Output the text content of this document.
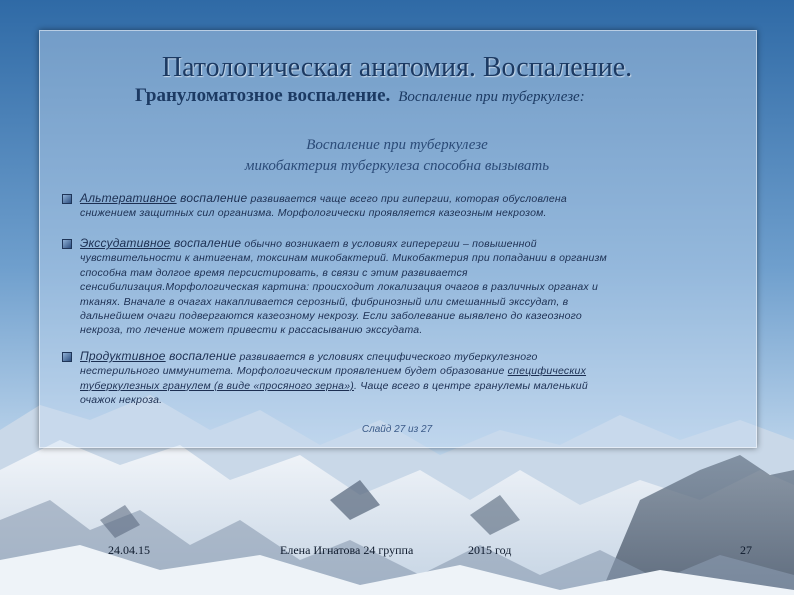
Патологическая анатомия. Воспаление.
Грануломатозное воспаление. Воспаление при туберкулезе:
Воспаление при туберкулезе
микобактерия туберкулеза способна вызывать
Альтеративное воспаление развивается чаще всего при гипергии, которая обусловлена
снижением защитных сил организма. Морфологически проявляется казеозным некрозом.
Экссудативное воспаление обычно возникает в условиях гиперергии – повышенной
чувствительности к антигенам, токсинам микобактерий. Микобактерия при попадании в организм
способна там долгое время персистировать, в связи с этим развивается
сенсибилизация.Морфологическая картина: происходит локализация очагов в различных органах и
тканях. Вначале в очагах накапливается серозный, фибринозный или смешанный экссудат, в
дальнейшем очаги подвергаются казеозному некрозу. Если заболевание выявлено до казеозного
некроза, то лечение может привести к рассасыванию экссудата.
Продуктивное воспаление развивается в условиях специфического туберкулезного
нестерильного иммунитета. Морфологическим проявлением будет образование специфических
туберкулезных гранулем (в виде «просяного зерна»). Чаще всего в центре гранулемы маленький
очажок некроза.
Слайд 27 из 27
24.04.15	Елена Игнатова 24 группа	2015 год	27
